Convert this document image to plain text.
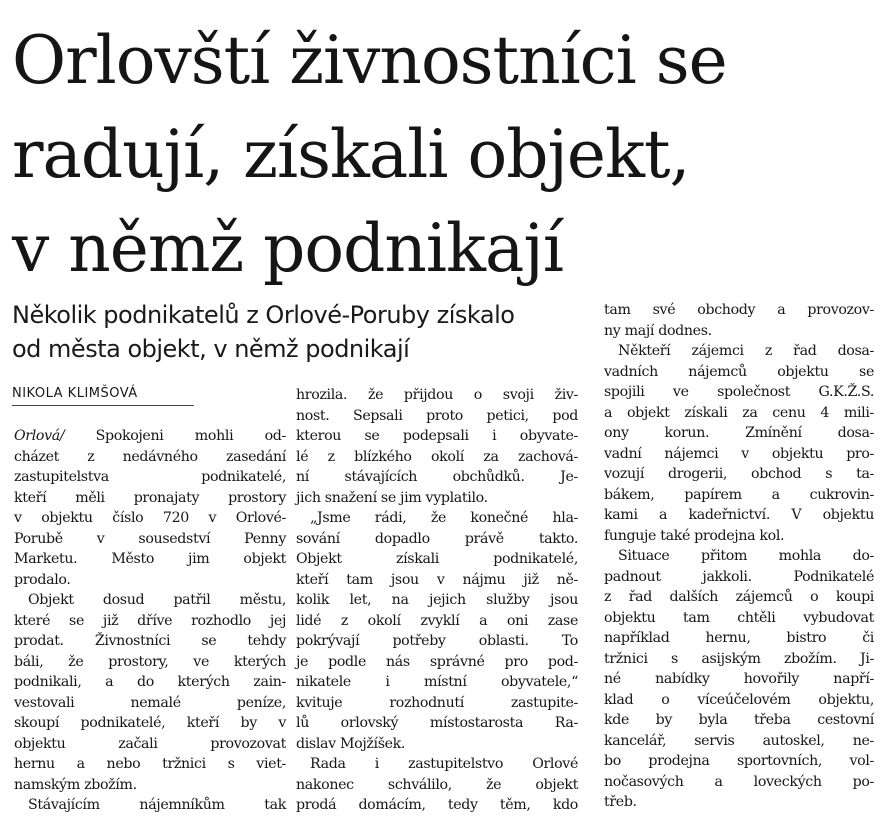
Orlovští živnostníci se
radují, získali objekt,
v němž podnikají
Několik podnikatelů z Orlové-Poruby získalo
od města objekt, v němž podnikají
NIKOLA KLIMŠOVÁ
Orlová/ Spokojeni mohli od-
cházet z nedávného zasedání
zastupitelstva podnikatelé,
kteří měli pronajaty prostory
v objektu číslo 720 v Orlové-
Porubě v sousedství Penny
Marketu. Město jim objekt
prodalo.
Objekt dosud patřil městu,
které se již dříve rozhodlo jej
prodat. Živnostníci se tehdy
báli, že prostory, ve kterých
podnikali, a do kterých zain-
vestovali nemalé peníze,
skoupí podnikatelé, kteří by v
objektu začali provozovat
hernu a nebo tržnici s viet-
namským zbožím.
Stávajícím nájemníkům tak
hrozila. že přijdou o svoji živ-
nost. Sepsali proto petici, pod
kterou se podepsali i obyvate-
lé z blízkého okolí za zachová-
ní stávajících obchůdků. Je-
jich snažení se jim vyplatilo.
„Jsme rádi, že konečné hla-
sování dopadlo právě takto.
Objekt získali podnikatelé,
kteří tam jsou v nájmu již ně-
kolik let, na jejich služby jsou
lidé z okolí zvyklí a oni zase
pokrývají potřeby oblasti. To
je podle nás správné pro pod-
nikatele i místní obyvatele,“
kvituje rozhodnutí zastupite-
lů orlovský místostarosta Ra-
dislav Mojžíšek.
Rada i zastupitelstvo Orlové
nakonec schválilo, že objekt
prodá domácím, tedy těm, kdo
tam své obchody a provozov-
ny mají dodnes.
Někteří zájemci z řad dosa-
vadních nájemců objektu se
spojili ve společnost G.K.Ž.S.
a objekt získali za cenu 4 mili-
ony korun. Zmínění dosa-
vadní nájemci v objektu pro-
vozují drogerii, obchod s ta-
bákem, papírem a cukrovin-
kami a kadeřnictví. V objektu
funguje také prodejna kol.
Situace přitom mohla do-
padnout jakkoli. Podnikatelé
z řad dalších zájemců o koupi
objektu tam chtěli vybudovat
například hernu, bistro či
tržnici s asijským zbožím. Ji-
né nabídky hovořily napří-
klad o víceúčelovém objektu,
kde by byla třeba cestovní
kancelář, servis autoskel, ne-
bo prodejna sportovních, vol-
nočasových a loveckých po-
třeb.
